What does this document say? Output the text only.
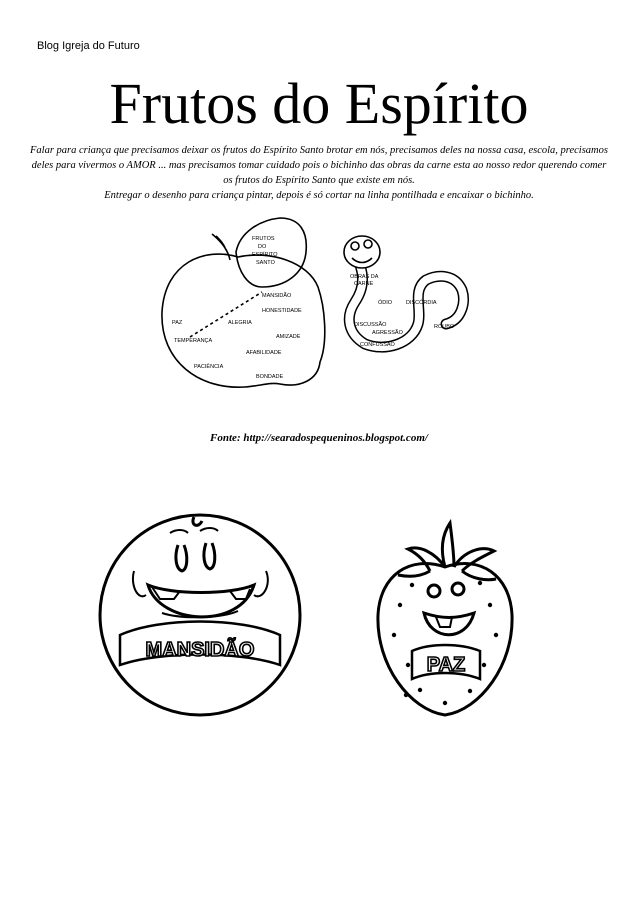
Blog Igreja do Futuro
Frutos do Espírito

Falar para criança que precisamos deixar os frutos do Espírito Santo brotar em nós, precisamos deles na nossa casa, escola, precisamos deles para vivermos o AMOR ... mas precisamos tomar cuidado pois o bichinho das obras da carne esta ao nosso redor querendo comer os frutos do Espírito Santo que existe em nós.

Entregar o desenho para criança pintar, depois é só cortar na linha pontilhada e encaixar o bichinho.

FRUTOS
DO
ESPÍRITO
SANTO
MANSIDÃO
HONESTIDADE
PAZ	ALEGRIA
AMIZADE
TEMPERANÇA
AFABILIDADE
PACIÊNCIA
BONDADE
OBRAS DA
CARNE
ÓDIO	DISCÓRDIA
DISCUSSÃO
AGRESSÃO
ROUBO
CONFUSSÃO
Fonte: http://searadospequeninos.blogspot.com/
MANSIDÃO
PAZ
